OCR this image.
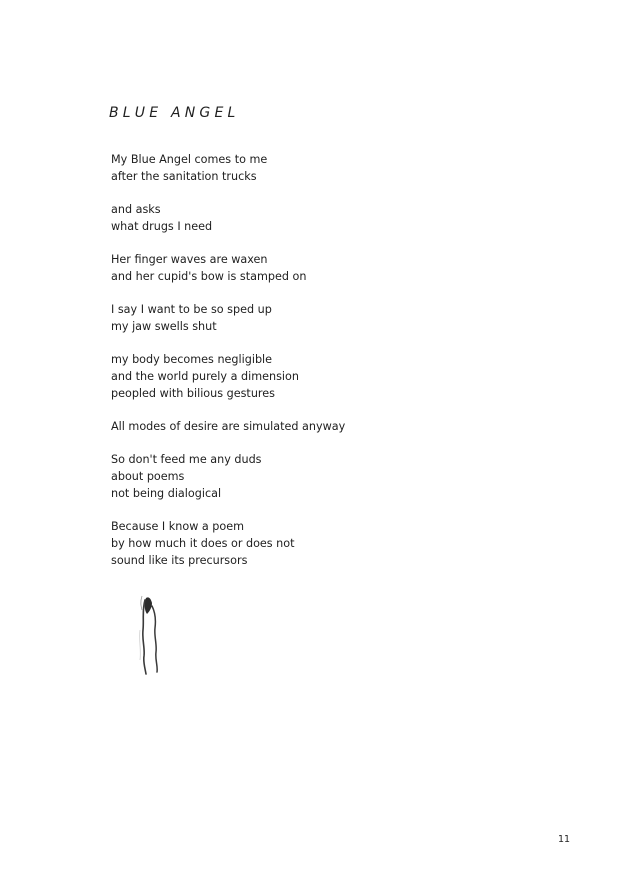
BLUE ANGEL
My Blue Angel comes to me
after the sanitation trucks
and asks
what drugs I need
Her finger waves are waxen
and her cupid's bow is stamped on
I say I want to be so sped up
my jaw swells shut
my body becomes negligible
and the world purely a dimension
peopled with bilious gestures
All modes of desire are simulated anyway
So don't feed me any duds
about poems
not being dialogical
Because I know a poem
by how much it does or does not
sound like its precursors
11
